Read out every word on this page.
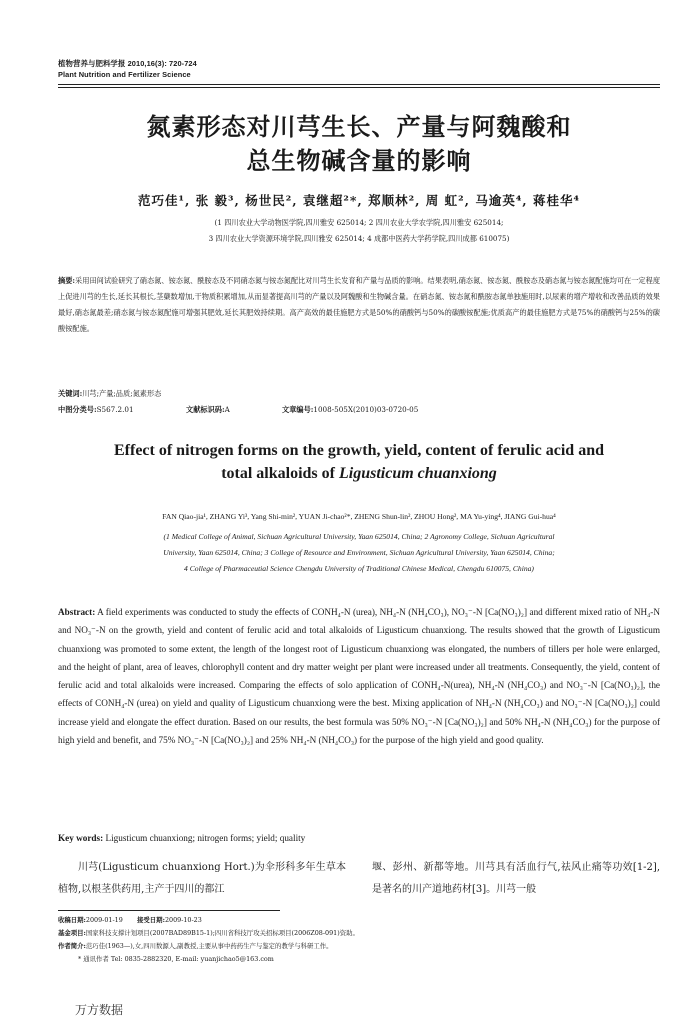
植物营养与肥料学报 2010,16(3): 720-724
Plant Nutrition and Fertilizer Science
氮素形态对川芎生长、产量与阿魏酸和
总生物碱含量的影响
范巧佳¹, 张 毅³, 杨世民², 袁继超²*, 郑顺林², 周 虹², 马逾英⁴, 蒋桂华⁴
(1 四川农业大学动物医学院,四川雅安 625014; 2 四川农业大学农学院,四川雅安 625014;
3 四川农业大学资源环境学院,四川雅安 625014; 4 成都中医药大学药学院,四川成都 610075)
摘要:采用田间试验研究了硝态氮、铵态氮、酰胺态及不同硝态氮与铵态氮配比对川芎生长发育和产量与品质的影响。结果表明,硝态氮、铵态氮、酰胺态及硝态氮与铵态氮配施均可在一定程度上促进川芎的生长,延长其根长,茎蘖数增加,干物质积累增加,从而显著提高川芎的产量以及阿魏酸和生物碱含量。在硝态氮、铵态氮和酰胺态氮单独施用时,以尿素的增产增收和改善品质的效果最好,硝态氮最差;硝态氮与铵态氮配施可增强其肥效,延长其肥效持续期。高产高效的最佳施肥方式是50%的硝酸钙与50%的碳酸铵配施;优质高产的最佳施肥方式是75%的硝酸钙与25%的碳酸铵配施。
关键词:川芎;产量;品质;氮素形态
中图分类号:S567.2.01	文献标识码:A	文章编号:1008-505X(2010)03-0720-05
Effect of nitrogen forms on the growth, yield, content of ferulic acid and
total alkaloids of Ligusticum chuanxiong
FAN Qiao-jia¹, ZHANG Yi³, Yang Shi-min², YUAN Ji-chao²*, ZHENG Shun-lin², ZHOU Hong², MA Yu-ying⁴, JIANG Gui-hua⁴
(1 Medical College of Animal, Sichuan Agricultural University, Yaan 625014, China; 2 Agronomy College, Sichuan Agricultural
University, Yaan 625014, China; 3 College of Resource and Environment, Sichuan Agricultural University, Yaan 625014, China;
4 College of Pharmaceutial Science Chengdu University of Traditional Chinese Medical, Chengdu 610075, China)
Abstract: A field experiments was conducted to study the effects of CONH₄-N (urea), NH₄-N (NH₄CO₃), NO₃⁻-N [Ca(NO₃)₂] and different mixed ratio of NH₄-N and NO₃⁻-N on the growth, yield and content of ferulic acid and total alkaloids of Ligusticum chuanxiong. The results showed that the growth of Ligusticum chuanxiong was promoted to some extent, the length of the longest root of Ligusticum chuanxiong was elongated, the numbers of tillers per hole were enlarged, and the height of plant, area of leaves, chlorophyll content and dry matter weight per plant were increased under all treatments. Consequently, the yield, content of ferulic acid and total alkaloids were increased. Comparing the effects of solo application of CONH₄-N(urea), NH₄-N (NH₄CO₃) and NO₃⁻-N [Ca(NO₃)₂], the effects of CONH₄-N (urea) on yield and quality of Ligusticum chuanxiong were the best. Mixing application of NH₄-N (NH₄CO₃) and NO₃⁻-N [Ca(NO₃)₂] could increase yield and elongate the effect duration. Based on our results, the best formula was 50% NO₃⁻-N [Ca(NO₃)₂] and 50% NH₄-N (NH₄CO₃) for the purpose of high yield and benefit, and 75% NO₃⁻-N [Ca(NO₃)₂] and 25% NH₄-N (NH₄CO₃) for the purpose of the high yield and good quality.
Key words: Ligusticum chuanxiong; nitrogen forms; yield; quality
川芎(Ligusticum chuanxiong Hort.)为伞形科多年生草本植物,以根茎供药用,主产于四川的都江
堰、彭州、新都等地。川芎具有活血行气,祛风止痛等功效[1-2],是著名的川产道地药材[3]。川芎一般
收稿日期:2009-01-19 接受日期:2009-10-23
基金项目:国家科技支撑计划项目(2007BAD89B15-1);四川省科技厅攻关招标项目(2006Z08-091)资助。
作者简介:范巧佳(1963—),女,四川数源人,副教授,主要从事中药药生产与鉴定的教学与科研工作。
* 通讯作者 Tel: 0835-2882320, E-mail: yuanjichao5@163.com
万方数据
